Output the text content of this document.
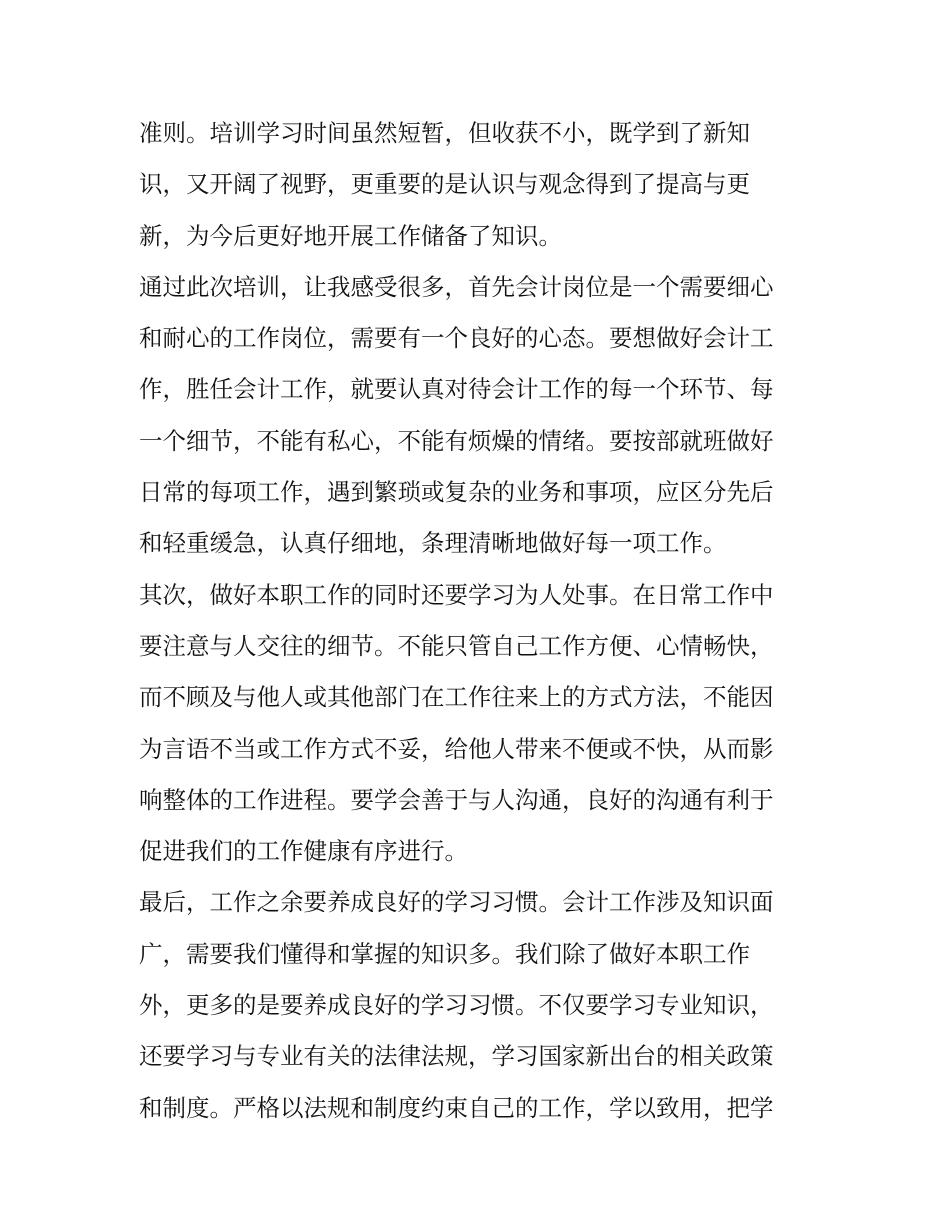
准则。培训学习时间虽然短暂，但收获不小，既学到了新知
识，又开阔了视野，更重要的是认识与观念得到了提高与更
新，为今后更好地开展工作储备了知识。
通过此次培训，让我感受很多，首先会计岗位是一个需要细心
和耐心的工作岗位，需要有一个良好的心态。要想做好会计工
作，胜任会计工作，就要认真对待会计工作的每一个环节、每
一个细节，不能有私心，不能有烦燥的情绪。要按部就班做好
日常的每项工作，遇到繁琐或复杂的业务和事项，应区分先后
和轻重缓急，认真仔细地，条理清晰地做好每一项工作。
其次，做好本职工作的同时还要学习为人处事。在日常工作中
要注意与人交往的细节。不能只管自己工作方便、心情畅快，
而不顾及与他人或其他部门在工作往来上的方式方法，不能因
为言语不当或工作方式不妥，给他人带来不便或不快，从而影
响整体的工作进程。要学会善于与人沟通，良好的沟通有利于
促进我们的工作健康有序进行。
最后，工作之余要养成良好的学习习惯。会计工作涉及知识面
广，需要我们懂得和掌握的知识多。我们除了做好本职工作
外，更多的是要养成良好的学习习惯。不仅要学习专业知识，
还要学习与专业有关的法律法规，学习国家新出台的相关政策
和制度。严格以法规和制度约束自己的工作，学以致用，把学
